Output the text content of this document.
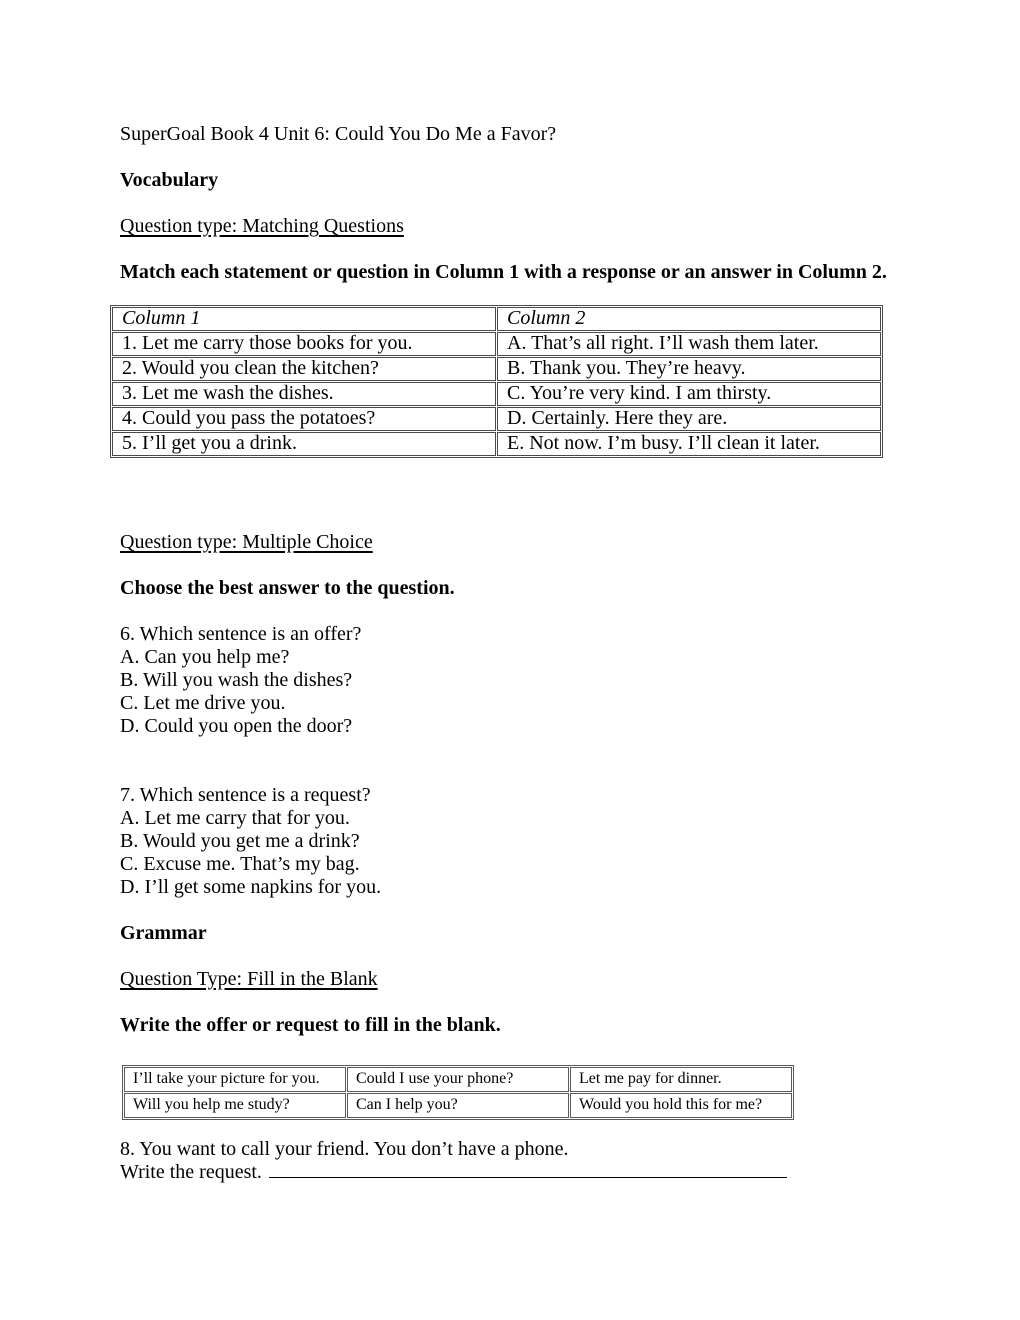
SuperGoal Book 4 Unit 6: Could You Do Me a Favor?

Vocabulary

Question type: Matching Questions

Match each statement or question in Column 1 with a response or an answer in Column 2.

Column 1	Column 2
1. Let me carry those books for you.	A. That’s all right. I’ll wash them later.
2. Would you clean the kitchen?	B. Thank you. They’re heavy.
3. Let me wash the dishes.	C. You’re very kind. I am thirsty.
4. Could you pass the potatoes?	D. Certainly. Here they are.
5. I’ll get you a drink.	E. Not now. I’m busy. I’ll clean it later.

Question type: Multiple Choice

Choose the best answer to the question.

6. Which sentence is an offer?

A. Can you help me?

B. Will you wash the dishes?

C. Let me drive you.

D. Could you open the door?

7. Which sentence is a request?

A. Let me carry that for you.

B. Would you get me a drink?

C. Excuse me. That’s my bag.

D. I’ll get some napkins for you.

Grammar

Question Type: Fill in the Blank

Write the offer or request to fill in the blank.

I’ll take your picture for you.	Could I use your phone?	Let me pay for dinner.
Will you help me study?	Can I help you?	Would you hold this for me?

8. You want to call your friend. You don’t have a phone.

Write the request.
